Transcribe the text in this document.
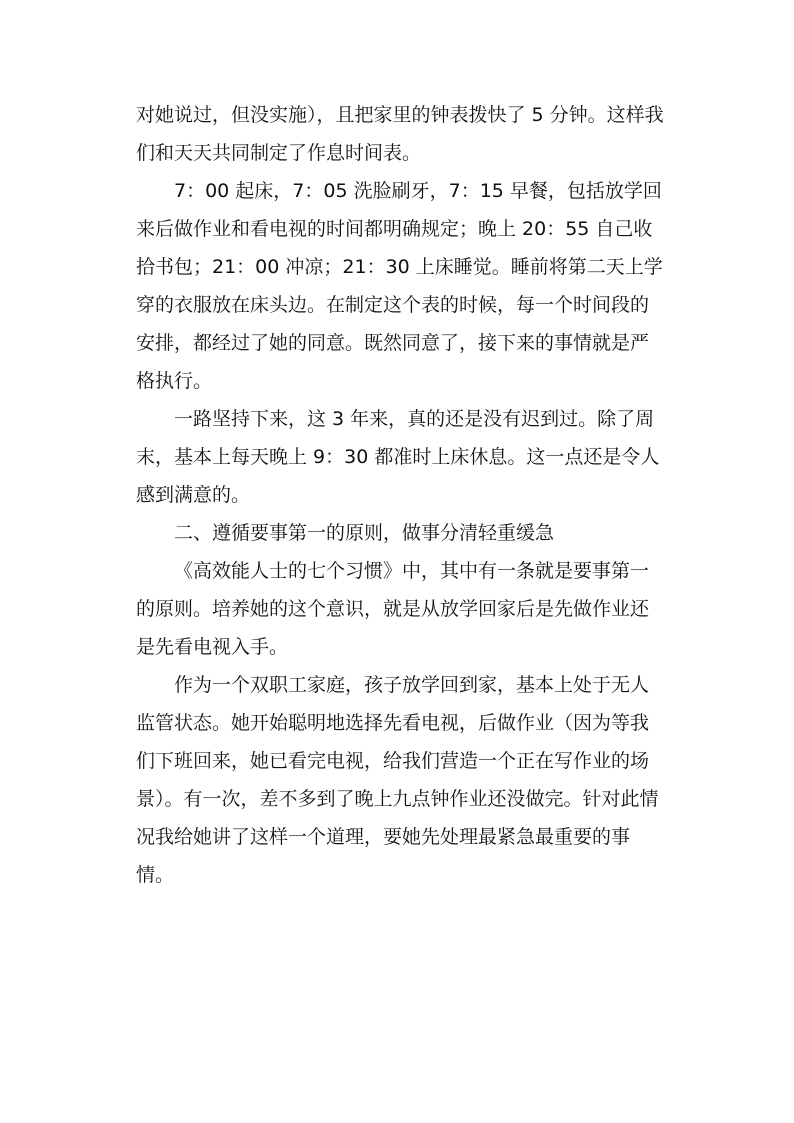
对她说过，但没实施），且把家里的钟表拨快了 5 分钟。这样我们和天天共同制定了作息时间表。

7：00 起床，7：05 洗脸刷牙，7：15 早餐，包括放学回来后做作业和看电视的时间都明确规定；晚上 20：55 自己收拾书包；21：00 冲凉；21：30 上床睡觉。睡前将第二天上学穿的衣服放在床头边。在制定这个表的时候，每一个时间段的安排，都经过了她的同意。既然同意了，接下来的事情就是严格执行。

一路坚持下来，这 3 年来，真的还是没有迟到过。除了周末，基本上每天晚上 9：30 都准时上床休息。这一点还是令人感到满意的。

二、遵循要事第一的原则，做事分清轻重缓急

《高效能人士的七个习惯》中，其中有一条就是要事第一的原则。培养她的这个意识，就是从放学回家后是先做作业还是先看电视入手。

作为一个双职工家庭，孩子放学回到家，基本上处于无人监管状态。她开始聪明地选择先看电视，后做作业（因为等我们下班回来，她已看完电视，给我们营造一个正在写作业的场景）。有一次，差不多到了晚上九点钟作业还没做完。针对此情况我给她讲了这样一个道理，要她先处理最紧急最重要的事情。
